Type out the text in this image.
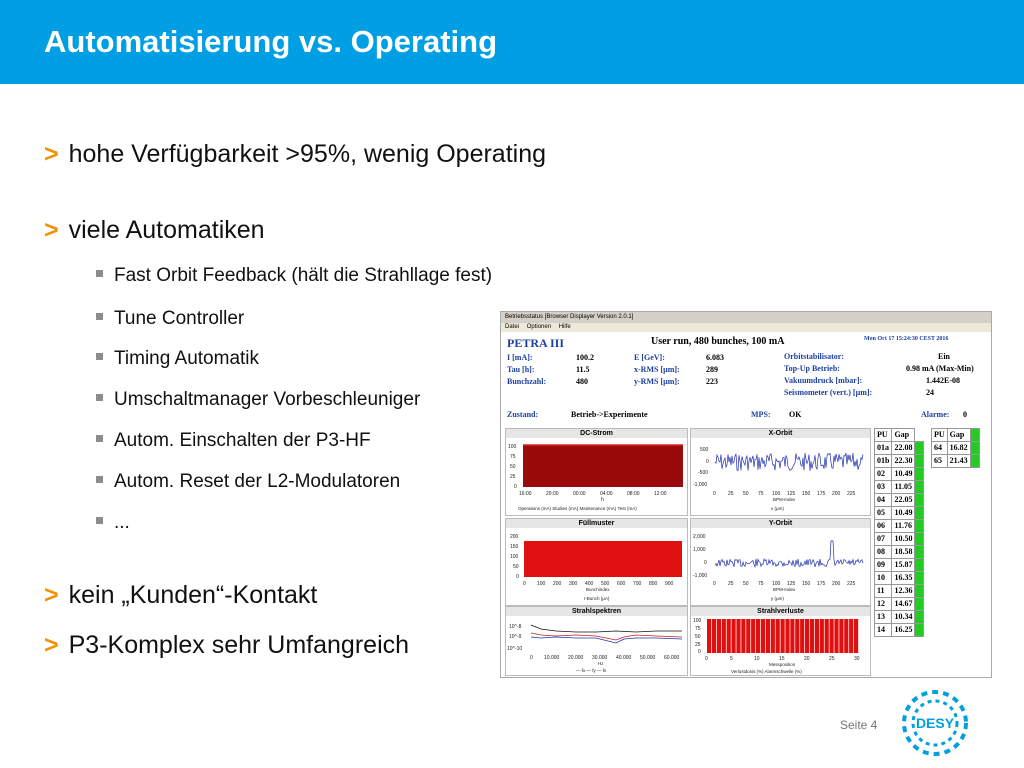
Automatisierung vs. Operating
> hohe Verfügbarkeit >95%, wenig Operating
> viele Automatiken
Fast Orbit Feedback (hält die Strahllage fest)
Tune Controller
Timing Automatik
Umschaltmanager Vorbeschleuniger
Autom. Einschalten der P3-HF
Autom. Reset der L2-Modulatoren
...
> kein „Kunden“-Kontakt
> P3-Komplex sehr Umfangreich
Betriebsstatus [Browser Displayer Version 2.0.1]
Datei Optionen Hilfe
PETRA III	User run, 480 bunches, 100 mA	Mon Oct 17 15:24:30 CEST 2016
I [mA]:	100.2
Tau [h]:	11.5
Bunchzahl:	480
E [GeV]:	6.083
x-RMS [µm]:	289
y-RMS [µm]:	223
Orbitstabilisator:	Ein
Top-Up Betrieb:	0.98 mA (Max-Min)
Vakuumdruck [mbar]:	1.442E-08
Seismometer (vert.) [µm]:	24
Zustand:	Betrieb->Experimente	MPS: OK	Alarme: 0
DC-Strom
100
75
50
25
0
16:00	20:00	00:00	04:00	08:00	12:00
h
Operations (mA) Studies (mA) Maintenance (mA) Test (mA)
X-Orbit
500
0
-500
-1,000
0 25 50 75 100 125 150 175 200 225
BPM-Index
x (µm)
Füllmuster
200
150
100
50
0
0 100 200 300 400 500 600 700 800 900
Bunchindex
I-Bunch (µA)
Y-Orbit
2,000
1,000
0
-1,000
0 25 50 75 100 125 150 175 200 225
BPM-Index
y (µm)
Strahlspektren
10^-8
10^-9
10^-10
0 10.000 20.000 30.000 40.000 50.000 60.000
Hz
— fx — fy — fs
Strahlverluste
100
75
50
25
0
0	5	10	15	20	25	30
Messposition
Verlustdosis (%) Alarmschwelle (%)
PU	Gap	
01a	22.08	
01b	22.30	
02	10.49	
03	11.05	
04	22.05	
05	10.49	
06	11.76	
07	10.50	
08	18.58	
09	15.87	
10	16.35	
11	12.36	
12	14.67	
13	10.34	
14	16.25	
PU	Gap	
64	16.82	
65	21.43	
Seite 4	DESY
